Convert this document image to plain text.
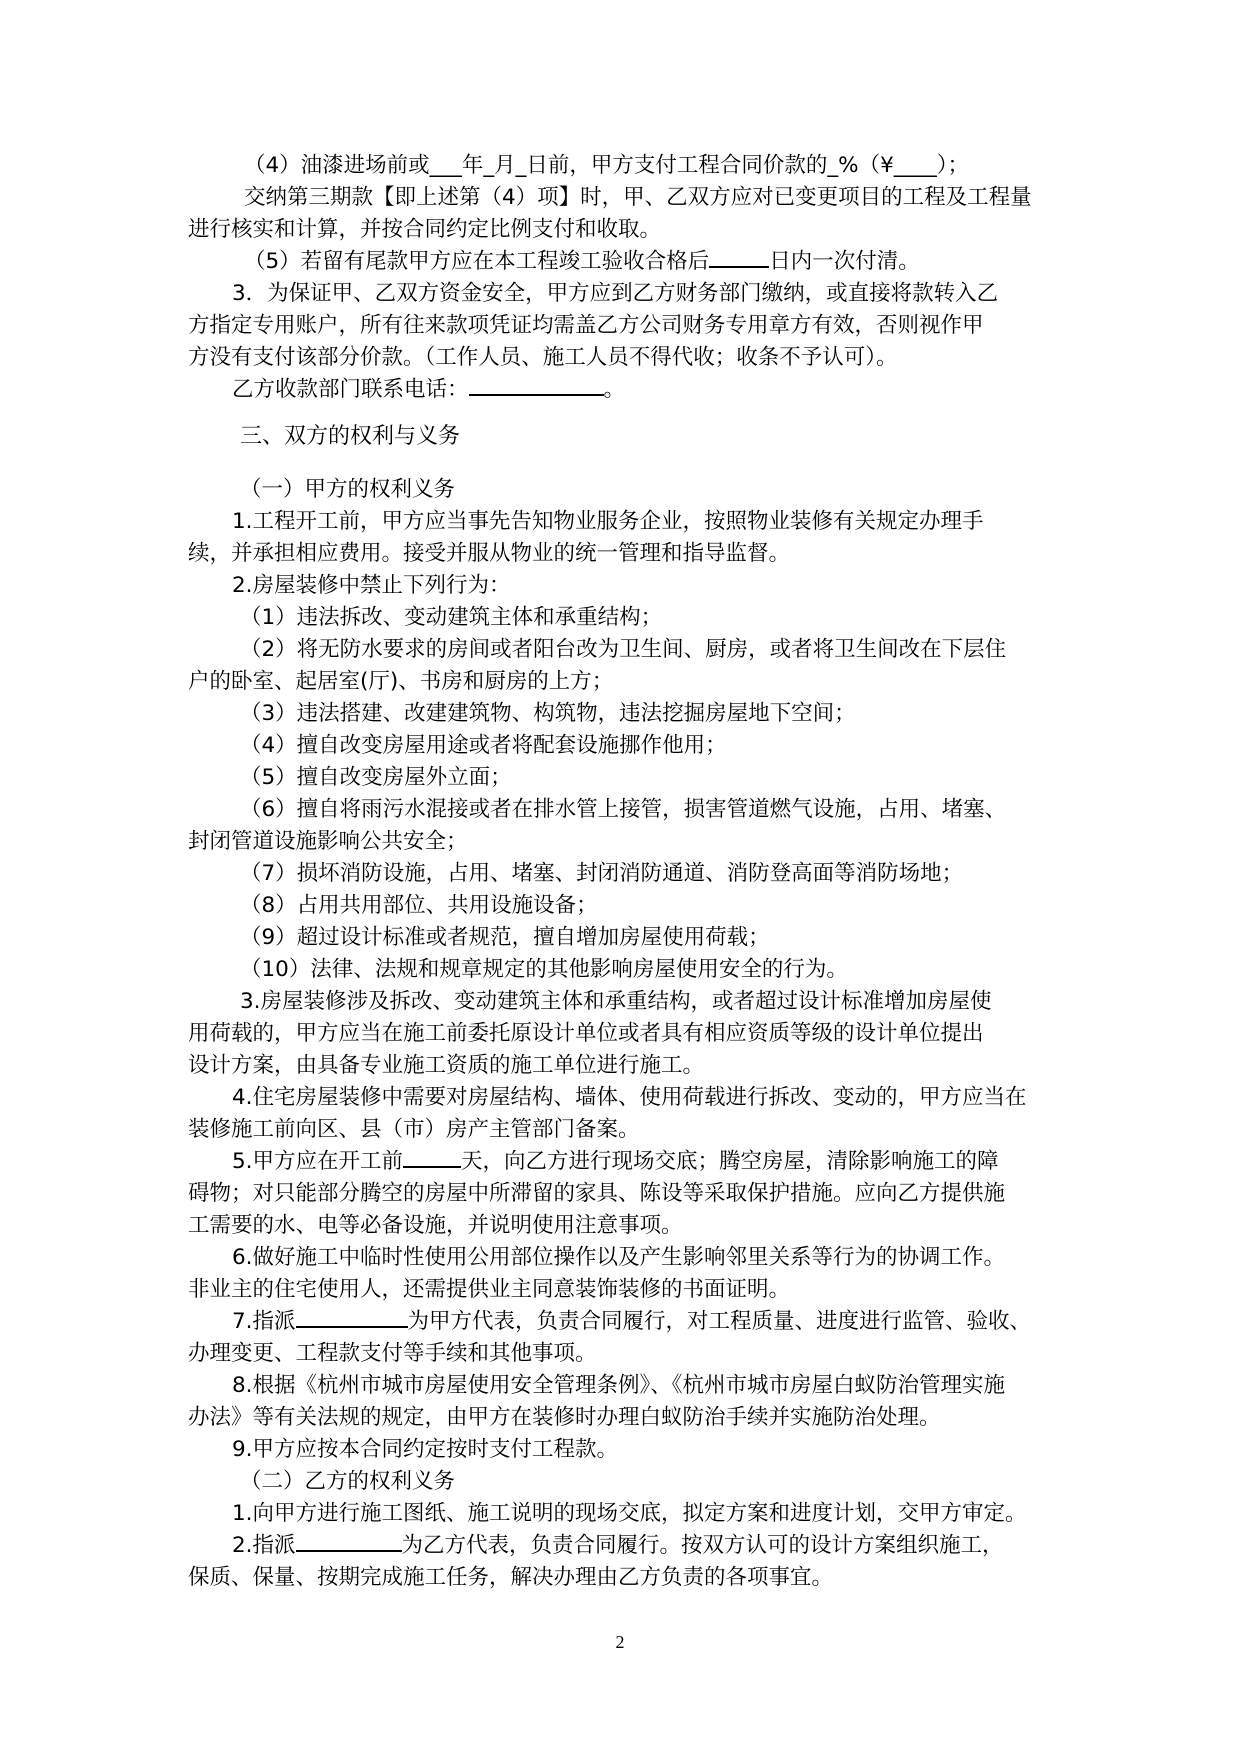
（4）油漆进场前或___年_月_日前，甲方支付工程合同价款的_%（¥____）；
交纳第三期款【即上述第（4）项】时，甲、乙双方应对已变更项目的工程及工程量
进行核实和计算，并按合同约定比例支付和收取。
（5）若留有尾款甲方应在本工程竣工验收合格后	日内一次付清。
3．为保证甲、乙双方资金安全，甲方应到乙方财务部门缴纳，或直接将款转入乙
方指定专用账户，所有往来款项凭证均需盖乙方公司财务专用章方有效，否则视作甲
方没有支付该部分价款。（工作人员、施工人员不得代收；收条不予认可）。
乙方收款部门联系电话：	。
三、双方的权利与义务
（一）甲方的权利义务
1.工程开工前，甲方应当事先告知物业服务企业，按照物业装修有关规定办理手
续，并承担相应费用。接受并服从物业的统一管理和指导监督。
2.房屋装修中禁止下列行为：
（1）违法拆改、变动建筑主体和承重结构；
（2）将无防水要求的房间或者阳台改为卫生间、厨房，或者将卫生间改在下层住
户的卧室、起居室(厅)、书房和厨房的上方；
（3）违法搭建、改建建筑物、构筑物，违法挖掘房屋地下空间；
（4）擅自改变房屋用途或者将配套设施挪作他用；
（5）擅自改变房屋外立面；
（6）擅自将雨污水混接或者在排水管上接管，损害管道燃气设施，占用、堵塞、
封闭管道设施影响公共安全；
（7）损坏消防设施，占用、堵塞、封闭消防通道、消防登高面等消防场地；
（8）占用共用部位、共用设施设备；
（9）超过设计标准或者规范，擅自增加房屋使用荷载；
（10）法律、法规和规章规定的其他影响房屋使用安全的行为。
3.房屋装修涉及拆改、变动建筑主体和承重结构，或者超过设计标准增加房屋使
用荷载的，甲方应当在施工前委托原设计单位或者具有相应资质等级的设计单位提出
设计方案，由具备专业施工资质的施工单位进行施工。
4.住宅房屋装修中需要对房屋结构、墙体、使用荷载进行拆改、变动的，甲方应当在
装修施工前向区、县（市）房产主管部门备案。
5.甲方应在开工前	天，向乙方进行现场交底；腾空房屋，清除影响施工的障
碍物；对只能部分腾空的房屋中所滞留的家具、陈设等采取保护措施。应向乙方提供施
工需要的水、电等必备设施，并说明使用注意事项。
6.做好施工中临时性使用公用部位操作以及产生影响邻里关系等行为的协调工作。
非业主的住宅使用人，还需提供业主同意装饰装修的书面证明。
7.指派	为甲方代表，负责合同履行，对工程质量、进度进行监管、验收、
办理变更、工程款支付等手续和其他事项。
8.根据《杭州市城市房屋使用安全管理条例》、《杭州市城市房屋白蚁防治管理实施
办法》等有关法规的规定，由甲方在装修时办理白蚁防治手续并实施防治处理。
9.甲方应按本合同约定按时支付工程款。
（二）乙方的权利义务
1.向甲方进行施工图纸、施工说明的现场交底，拟定方案和进度计划，交甲方审定。
2.指派	为乙方代表，负责合同履行。按双方认可的设计方案组织施工，
保质、保量、按期完成施工任务，解决办理由乙方负责的各项事宜。
2
